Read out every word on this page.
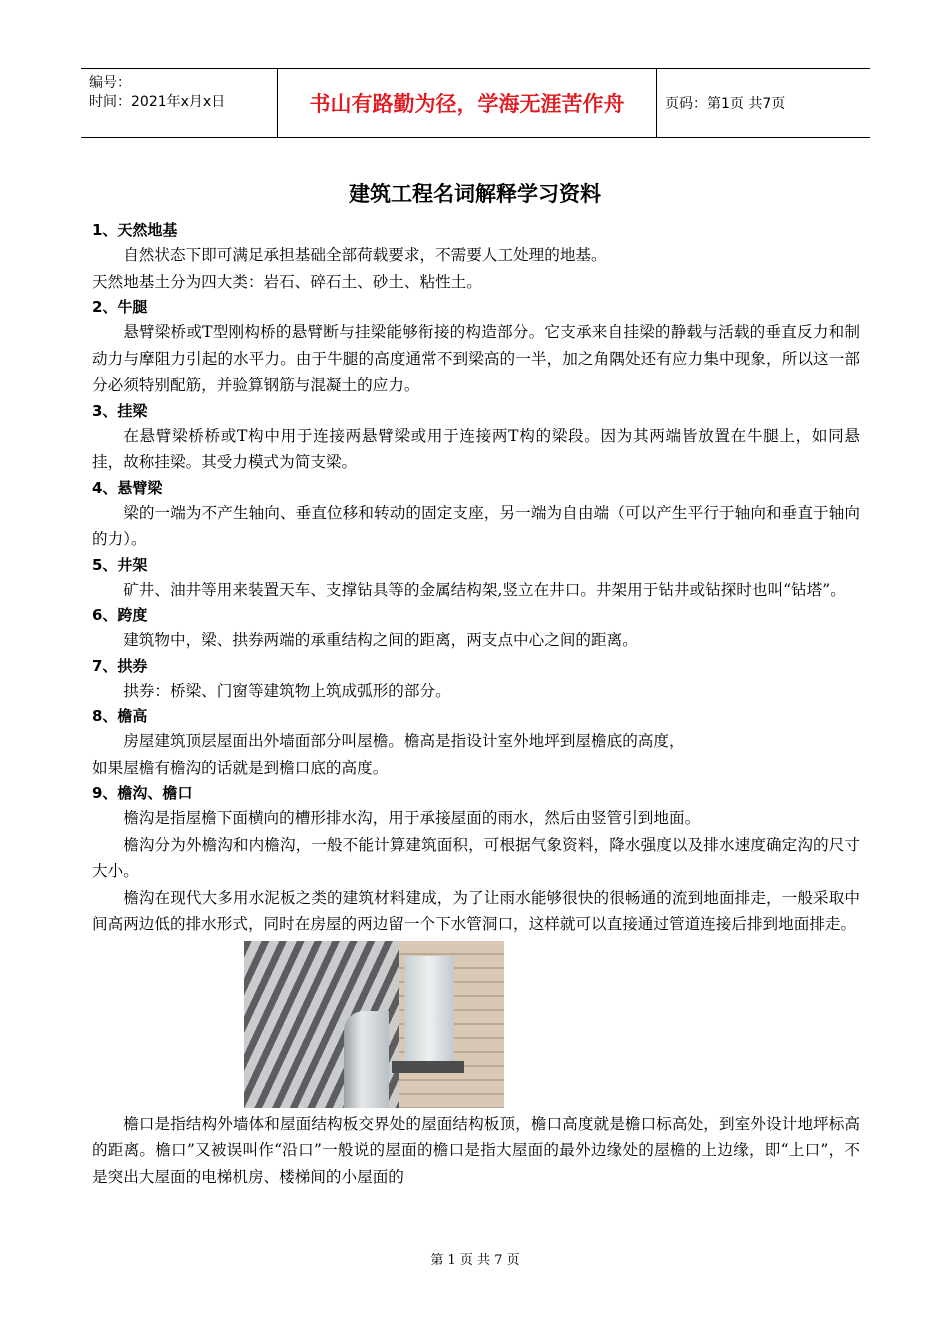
编号：
时间：2021年x月x日	书山有路勤为径，学海无涯苦作舟	页码：第1页 共7页
建筑工程名词解释学习资料

1、天然地基

自然状态下即可满足承担基础全部荷载要求，不需要人工处理的地基。

天然地基土分为四大类：岩石、碎石土、砂土、粘性土。

2、牛腿

悬臂梁桥或T型刚构桥的悬臂断与挂梁能够衔接的构造部分。它支承来自挂梁的静载与活载的垂直反力和制动力与摩阻力引起的水平力。由于牛腿的高度通常不到梁高的一半，加之角隅处还有应力集中现象，所以这一部分必须特别配筋，并验算钢筋与混凝土的应力。

3、挂梁

在悬臂梁桥桥或T构中用于连接两悬臂梁或用于连接两T构的梁段。因为其两端皆放置在牛腿上，如同悬挂，故称挂梁。其受力模式为简支梁。

4、悬臂梁

梁的一端为不产生轴向、垂直位移和转动的固定支座，另一端为自由端（可以产生平行于轴向和垂直于轴向的力）。

5、井架

矿井、油井等用来装置天车、支撑钻具等的金属结构架,竖立在井口。井架用于钻井或钻探时也叫“钻塔”。

6、跨度

建筑物中，梁、拱券两端的承重结构之间的距离，两支点中心之间的距离。

7、拱券

拱券：桥梁、门窗等建筑物上筑成弧形的部分。

8、檐高

房屋建筑顶层屋面出外墙面部分叫屋檐。檐高是指设计室外地坪到屋檐底的高度，

如果屋檐有檐沟的话就是到檐口底的高度。

9、檐沟、檐口

檐沟是指屋檐下面横向的槽形排水沟，用于承接屋面的雨水，然后由竖管引到地面。

檐沟分为外檐沟和内檐沟，一般不能计算建筑面积，可根据气象资料，降水强度以及排水速度确定沟的尺寸大小。

檐沟在现代大多用水泥板之类的建筑材料建成，为了让雨水能够很快的很畅通的流到地面排走，一般采取中间高两边低的排水形式，同时在房屋的两边留一个下水管洞口，这样就可以直接通过管道连接后排到地面排走。

檐口是指结构外墙体和屋面结构板交界处的屋面结构板顶，檐口高度就是檐口标高处，到室外设计地坪标高的距离。檐口”又被误叫作“沿口”一般说的屋面的檐口是指大屋面的最外边缘处的屋檐的上边缘，即“上口”，不是突出大屋面的电梯机房、楼梯间的小屋面的

第 1 页 共 7 页
